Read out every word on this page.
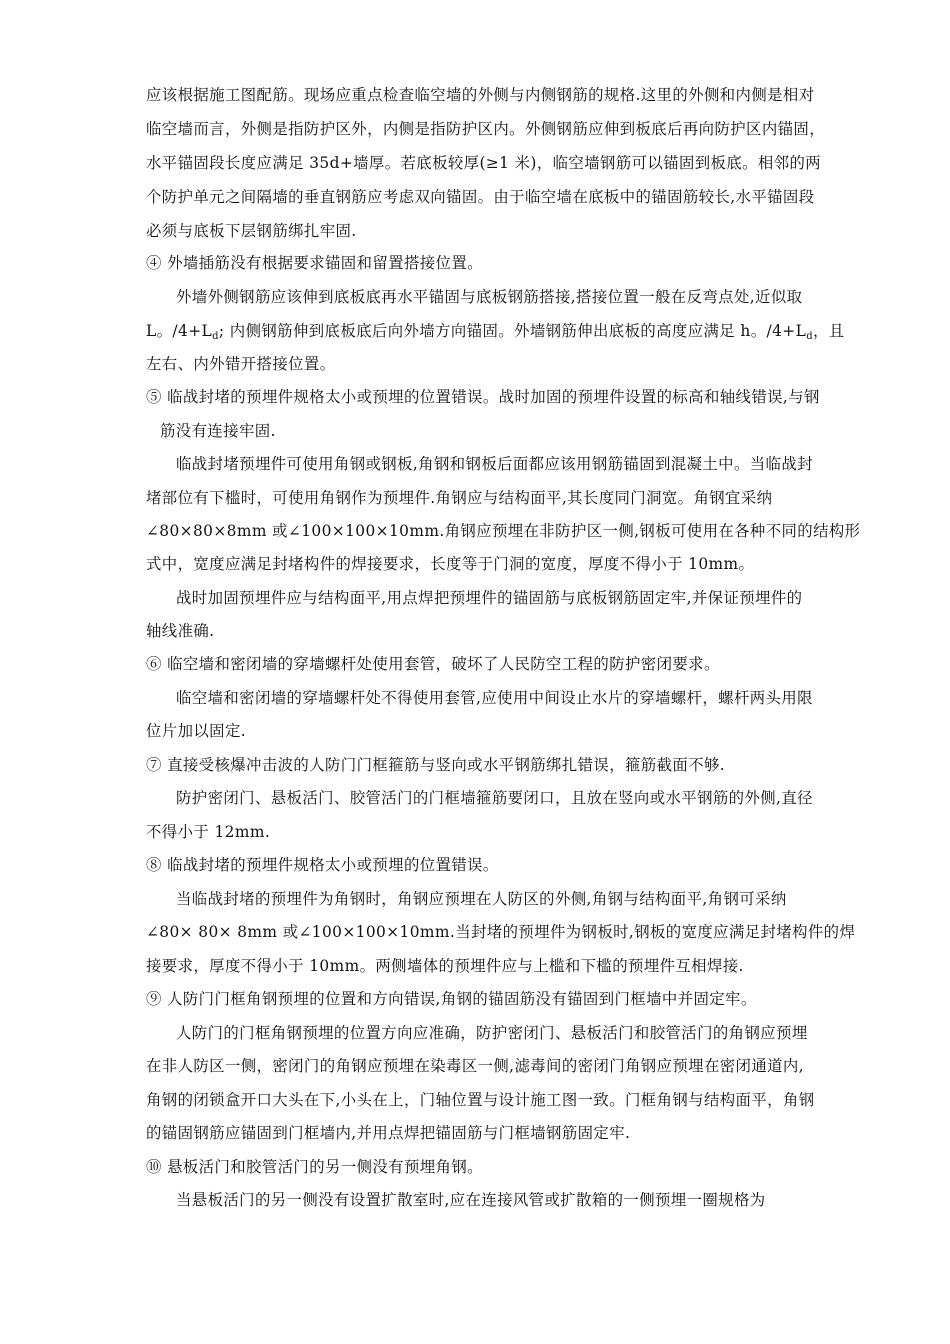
应该根据施工图配筋。现场应重点检查临空墙的外侧与内侧钢筋的规格.这里的外侧和内侧是相对
临空墙而言，外侧是指防护区外，内侧是指防护区内。外侧钢筋应伸到板底后再向防护区内锚固，
水平锚固段长度应满足 35d+墙厚。若底板较厚(≥1 米)，临空墙钢筋可以锚固到板底。相邻的两
个防护单元之间隔墙的垂直钢筋应考虑双向锚固。由于临空墙在底板中的锚固筋较长,水平锚固段
必须与底板下层钢筋绑扎牢固.
④ 外墙插筋没有根据要求锚固和留置搭接位置。
外墙外侧钢筋应该伸到底板底再水平锚固与底板钢筋搭接,搭接位置一般在反弯点处,近似取
L。$/4+L_d$; 内侧钢筋伸到底板底后向外墙方向锚固。外墙钢筋伸出底板的高度应满足 h。$/4+L_d$，且
左右、内外错开搭接位置。
⑤ 临战封堵的预埋件规格太小或预埋的位置错误。战时加固的预埋件设置的标高和轴线错误,与钢
筋没有连接牢固.
临战封堵预埋件可使用角钢或钢板,角钢和钢板后面都应该用钢筋锚固到混凝土中。当临战封
堵部位有下槛时，可使用角钢作为预埋件.角钢应与结构面平,其长度同门洞宽。角钢宜采纳
∠80×80×8mm 或∠100×100×10mm.角钢应预埋在非防护区一侧,钢板可使用在各种不同的结构形
式中，宽度应满足封堵构件的焊接要求，长度等于门洞的宽度，厚度不得小于 10mm。
战时加固预埋件应与结构面平,用点焊把预埋件的锚固筋与底板钢筋固定牢,并保证预埋件的
轴线准确.
⑥ 临空墙和密闭墙的穿墙螺杆处使用套管，破坏了人民防空工程的防护密闭要求。
临空墙和密闭墙的穿墙螺杆处不得使用套管,应使用中间设止水片的穿墙螺杆，螺杆两头用限
位片加以固定.
⑦ 直接受核爆冲击波的人防门门框箍筋与竖向或水平钢筋绑扎错误，箍筋截面不够.
防护密闭门、悬板活门、胶管活门的门框墙箍筋要闭口，且放在竖向或水平钢筋的外侧,直径
不得小于 12mm.
⑧ 临战封堵的预埋件规格太小或预埋的位置错误。
当临战封堵的预埋件为角钢时，角钢应预埋在人防区的外侧,角钢与结构面平,角钢可采纳
∠80× 80× 8mm 或∠100×100×10mm.当封堵的预埋件为钢板时,钢板的宽度应满足封堵构件的焊
接要求，厚度不得小于 10mm。两侧墙体的预埋件应与上槛和下槛的预埋件互相焊接.
⑨ 人防门门框角钢预埋的位置和方向错误,角钢的锚固筋没有锚固到门框墙中并固定牢。
人防门的门框角钢预埋的位置方向应准确，防护密闭门、悬板活门和胶管活门的角钢应预埋
在非人防区一侧，密闭门的角钢应预埋在染毒区一侧,滤毒间的密闭门角钢应预埋在密闭通道内,
角钢的闭锁盒开口大头在下,小头在上，门轴位置与设计施工图一致。门框角钢与结构面平，角钢
的锚固钢筋应锚固到门框墙内,并用点焊把锚固筋与门框墙钢筋固定牢.
⑩ 悬板活门和胶管活门的另一侧没有预埋角钢。
当悬板活门的另一侧没有设置扩散室时,应在连接风管或扩散箱的一侧预埋一圈规格为
